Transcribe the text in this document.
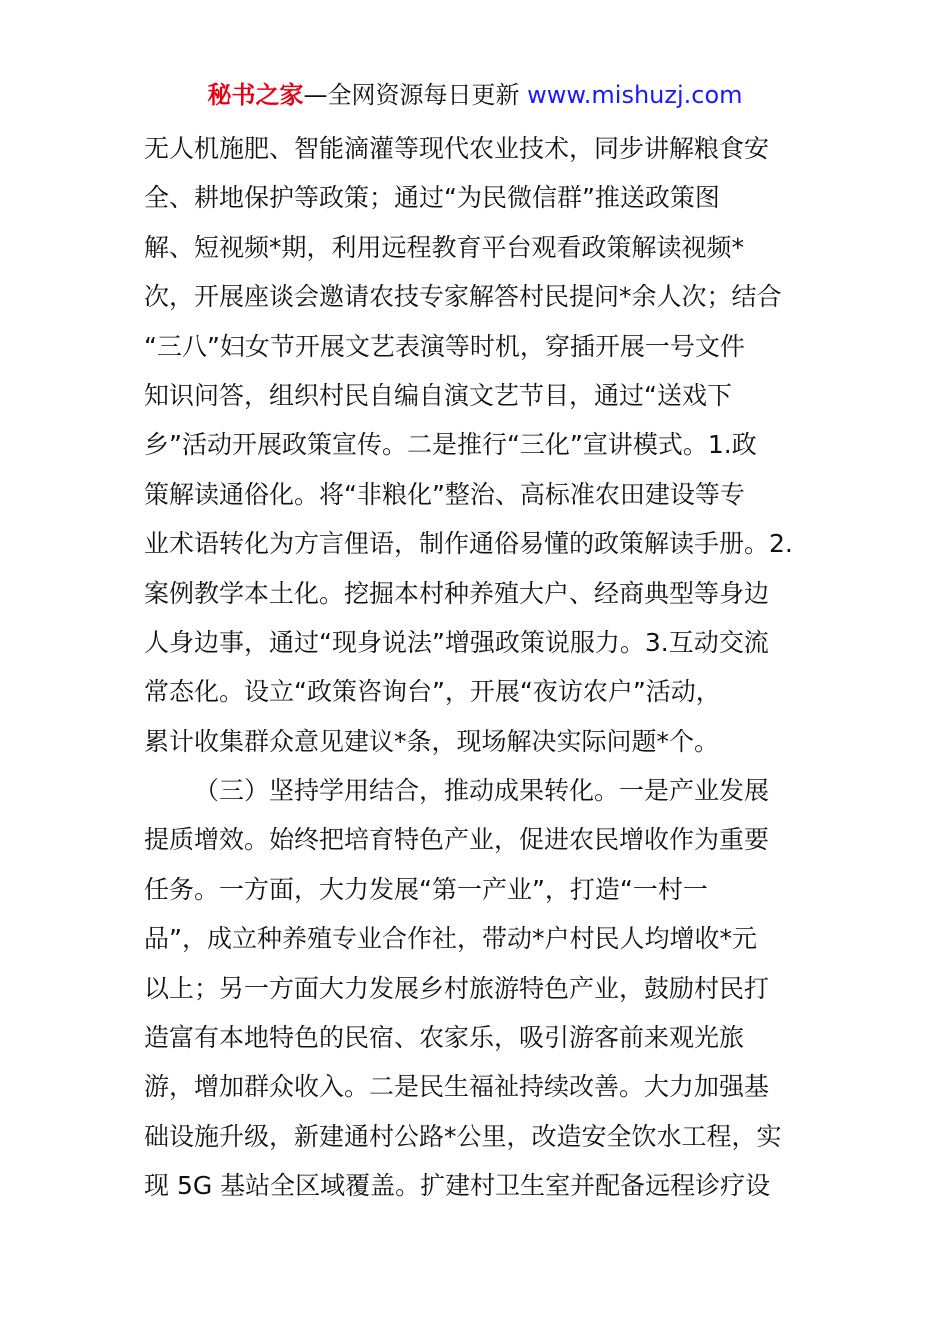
秘书之家—全网资源每日更新 www.mishuzj.com
无人机施肥、智能滴灌等现代农业技术，同步讲解粮食安
全、耕地保护等政策；通过“为民微信群”推送政策图
解、短视频*期，利用远程教育平台观看政策解读视频*
次，开展座谈会邀请农技专家解答村民提问*余人次；结合
“三八”妇女节开展文艺表演等时机，穿插开展一号文件
知识问答，组织村民自编自演文艺节目，通过“送戏下
乡”活动开展政策宣传。二是推行“三化”宣讲模式。1.政
策解读通俗化。将“非粮化”整治、高标准农田建设等专
业术语转化为方言俚语，制作通俗易懂的政策解读手册。2.
案例教学本土化。挖掘本村种养殖大户、经商典型等身边
人身边事，通过“现身说法”增强政策说服力。3.互动交流
常态化。设立“政策咨询台”，开展“夜访农户”活动，
累计收集群众意见建议*条，现场解决实际问题*个。
（三）坚持学用结合，推动成果转化。一是产业发展
提质增效。始终把培育特色产业，促进农民增收作为重要
任务。一方面，大力发展“第一产业”，打造“一村一
品”，成立种养殖专业合作社，带动*户村民人均增收*元
以上；另一方面大力发展乡村旅游特色产业，鼓励村民打
造富有本地特色的民宿、农家乐，吸引游客前来观光旅
游，增加群众收入。二是民生福祉持续改善。大力加强基
础设施升级，新建通村公路*公里，改造安全饮水工程，实
现 5G 基站全区域覆盖。扩建村卫生室并配备远程诊疗设
